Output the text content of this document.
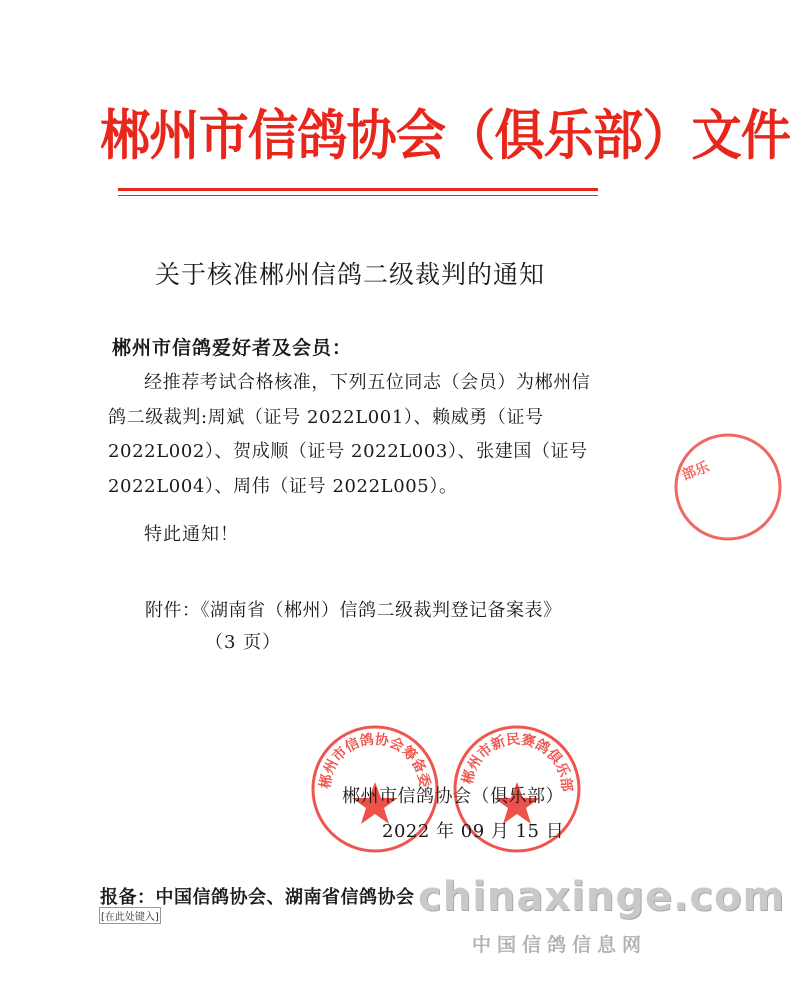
郴州市信鸽协会（俱乐部）文件
关于核准郴州信鸽二级裁判的通知
郴州市信鸽爱好者及会员：
经推荐考试合格核准，下列五位同志（会员）为郴州信鸽二级裁判:周斌（证号 2022L001）、赖威勇（证号 2022L002）、贺成顺（证号 2022L003）、张建国（证号 2022L004）、周伟（证号 2022L005）。
特此通知！
附件：《湖南省（郴州）信鸽二级裁判登记备案表》
（3 页）
郴州市信鸽协会筹备委员会
郴州市新民赛鸽俱乐部
部乐
郴州市信鸽协会（俱乐部）
2022 年 09 月 15 日
报备：中国信鸽协会、湖南省信鸽协会
[在此处键入]	chinaxinge.com
中国信鸽信息网
